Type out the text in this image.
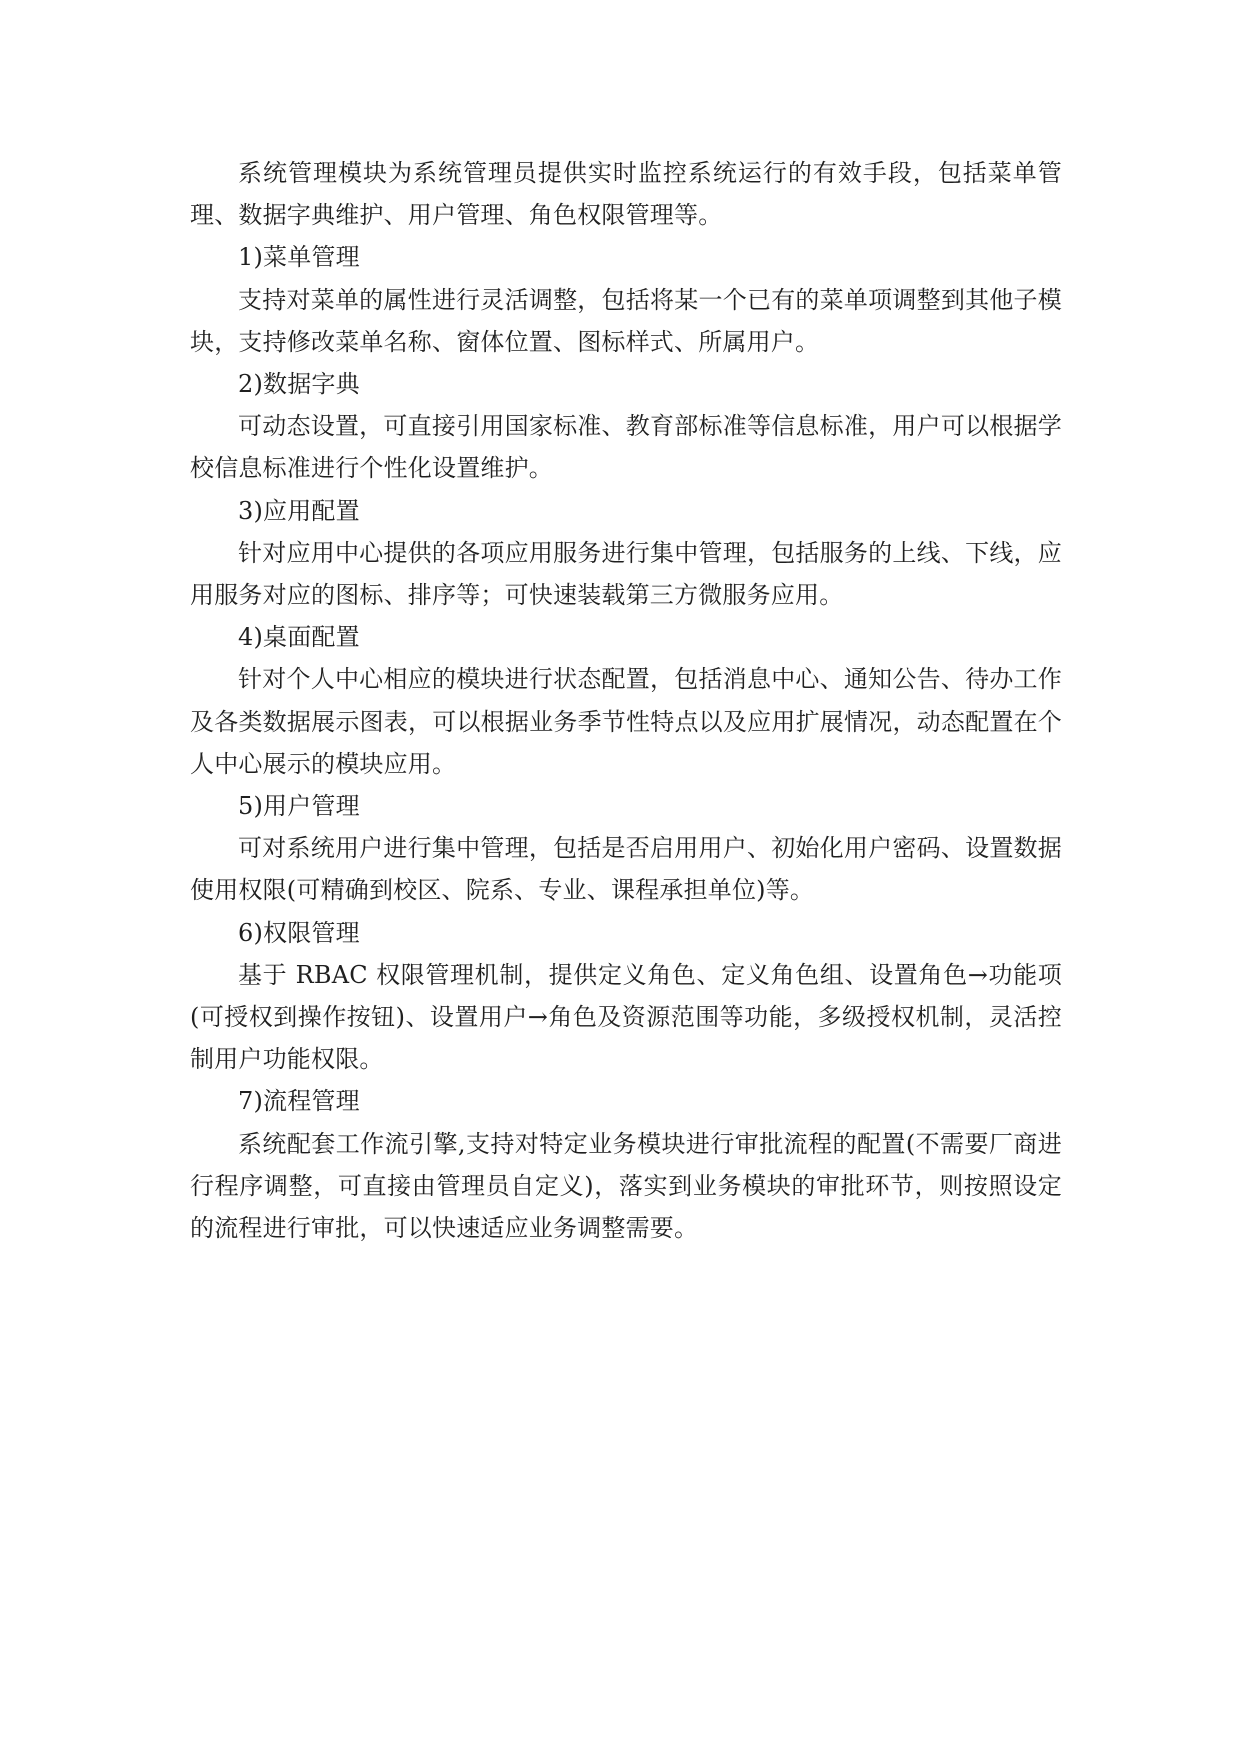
系统管理模块为系统管理员提供实时监控系统运行的有效手段，包括菜单管理、数据字典维护、用户管理、角色权限管理等。

1)菜单管理

支持对菜单的属性进行灵活调整，包括将某一个已有的菜单项调整到其他子模块，支持修改菜单名称、窗体位置、图标样式、所属用户。

2)数据字典

可动态设置，可直接引用国家标准、教育部标准等信息标准，用户可以根据学校信息标准进行个性化设置维护。

3)应用配置

针对应用中心提供的各项应用服务进行集中管理，包括服务的上线、下线，应用服务对应的图标、排序等；可快速装载第三方微服务应用。

4)桌面配置

针对个人中心相应的模块进行状态配置，包括消息中心、通知公告、待办工作及各类数据展示图表，可以根据业务季节性特点以及应用扩展情况，动态配置在个人中心展示的模块应用。

5)用户管理

可对系统用户进行集中管理，包括是否启用用户、初始化用户密码、设置数据使用权限(可精确到校区、院系、专业、课程承担单位)等。

6)权限管理

基于 RBAC 权限管理机制，提供定义角色、定义角色组、设置角色→功能项(可授权到操作按钮)、设置用户→角色及资源范围等功能，多级授权机制，灵活控制用户功能权限。

7)流程管理

系统配套工作流引擎,支持对特定业务模块进行审批流程的配置(不需要厂商进行程序调整，可直接由管理员自定义)，落实到业务模块的审批环节，则按照设定的流程进行审批，可以快速适应业务调整需要。
